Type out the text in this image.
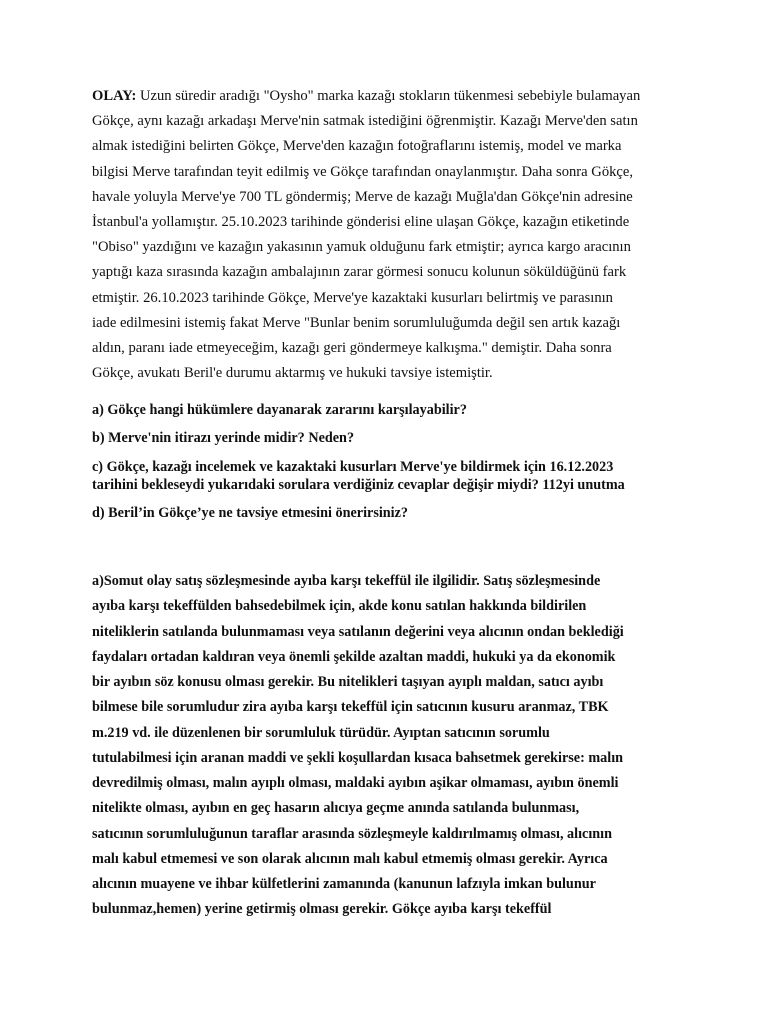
OLAY: Uzun süredir aradığı "Oysho" marka kazağı stokların tükenmesi sebebiyle bulamayan
Gökçe, aynı kazağı arkadaşı Merve'nin satmak istediğini öğrenmiştir. Kazağı Merve'den satın
almak istediğini belirten Gökçe, Merve'den kazağın fotoğraflarını istemiş, model ve marka
bilgisi Merve tarafından teyit edilmiş ve Gökçe tarafından onaylanmıştır. Daha sonra Gökçe,
havale yoluyla Merve'ye 700 TL göndermiş; Merve de kazağı Muğla'dan Gökçe'nin adresine
İstanbul'a yollamıştır. 25.10.2023 tarihinde gönderisi eline ulaşan Gökçe, kazağın etiketinde
"Obiso" yazdığını ve kazağın yakasının yamuk olduğunu fark etmiştir; ayrıca kargo aracının
yaptığı kaza sırasında kazağın ambalajının zarar görmesi sonucu kolunun söküldüğünü fark
etmiştir. 26.10.2023 tarihinde Gökçe, Merve'ye kazaktaki kusurları belirtmiş ve parasının
iade edilmesini istemiş fakat Merve "Bunlar benim sorumluluğumda değil sen artık kazağı
aldın, paranı iade etmeyeceğim, kazağı geri göndermeye kalkışma." demiştir. Daha sonra
Gökçe, avukatı Beril'e durumu aktarmış ve hukuki tavsiye istemiştir.
a) Gökçe hangi hükümlere dayanarak zararını karşılayabilir?
b) Merve'nin itirazı yerinde midir? Neden?
c) Gökçe, kazağı incelemek ve kazaktaki kusurları Merve'ye bildirmek için 16.12.2023
tarihini bekleseydi yukarıdaki sorulara verdiğiniz cevaplar değişir miydi? 112yi unutma
d) Beril’in Gökçe’ye ne tavsiye etmesini önerirsiniz?
a)Somut olay satış sözleşmesinde ayıba karşı tekeffül ile ilgilidir. Satış sözleşmesinde
ayıba karşı tekeffülden bahsedebilmek için, akde konu satılan hakkında bildirilen
niteliklerin satılanda bulunmaması veya satılanın değerini veya alıcının ondan beklediği
faydaları ortadan kaldıran veya önemli şekilde azaltan maddi, hukuki ya da ekonomik
bir ayıbın söz konusu olması gerekir. Bu nitelikleri taşıyan ayıplı maldan, satıcı ayıbı
bilmese bile sorumludur zira ayıba karşı tekeffül için satıcının kusuru aranmaz, TBK
m.219 vd. ile düzenlenen bir sorumluluk türüdür. Ayıptan satıcının sorumlu
tutulabilmesi için aranan maddi ve şekli koşullardan kısaca bahsetmek gerekirse: malın
devredilmiş olması, malın ayıplı olması, maldaki ayıbın aşikar olmaması, ayıbın önemli
nitelikte olması, ayıbın en geç hasarın alıcıya geçme anında satılanda bulunması,
satıcının sorumluluğunun taraflar arasında sözleşmeyle kaldırılmamış olması, alıcının
malı kabul etmemesi ve son olarak alıcının malı kabul etmemiş olması gerekir. Ayrıca
alıcının muayene ve ihbar külfetlerini zamanında (kanunun lafzıyla imkan bulunur
bulunmaz,hemen) yerine getirmiş olması gerekir. Gökçe ayıba karşı tekeffül
